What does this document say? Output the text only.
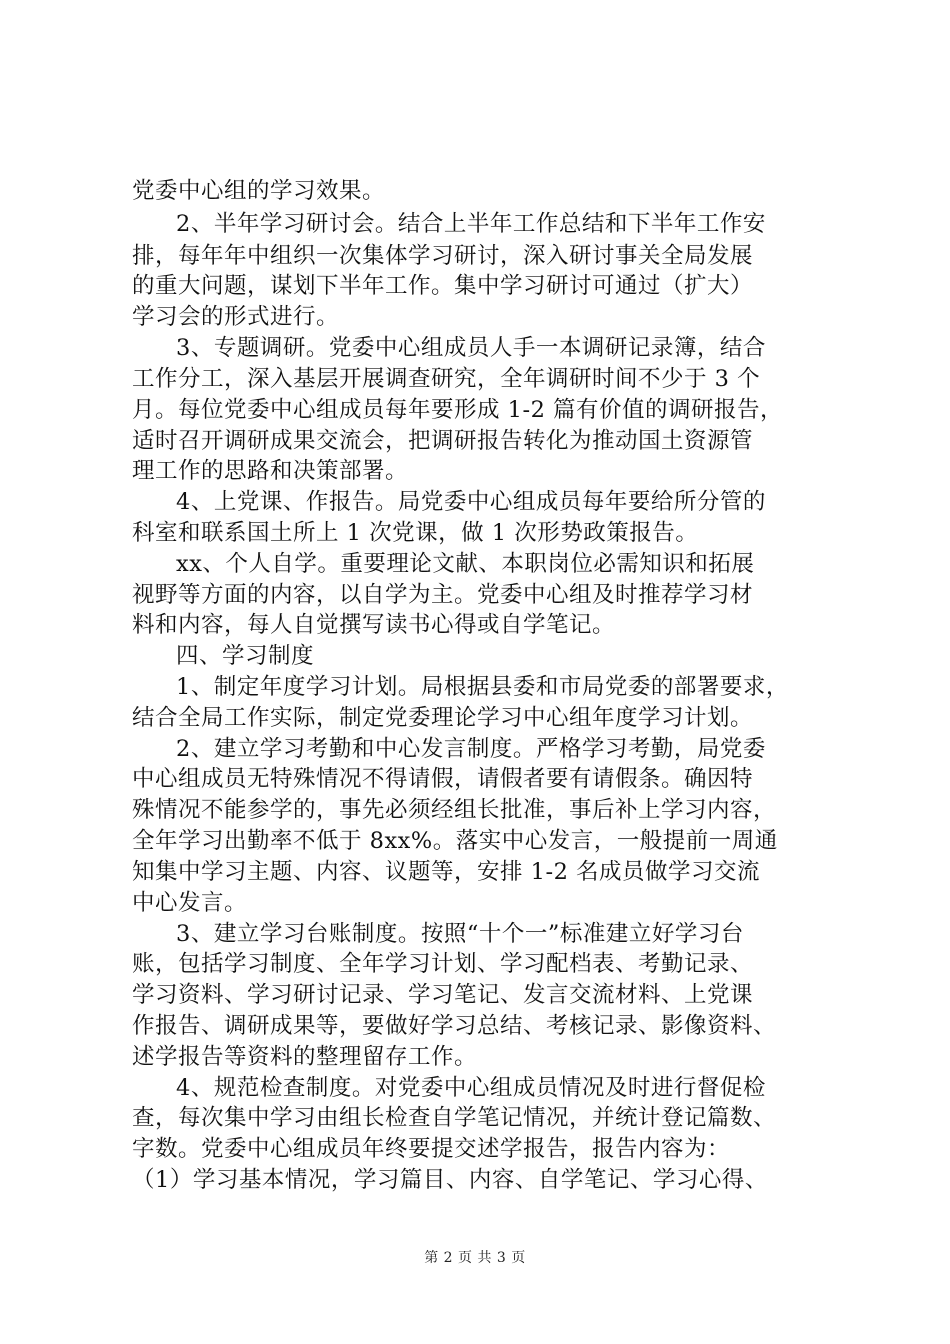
党委中心组的学习效果。
2、半年学习研讨会。结合上半年工作总结和下半年工作安
排，每年年中组织一次集体学习研讨，深入研讨事关全局发展
的重大问题，谋划下半年工作。集中学习研讨可通过（扩大）
学习会的形式进行。
3、专题调研。党委中心组成员人手一本调研记录簿，结合
工作分工，深入基层开展调查研究，全年调研时间不少于 3 个
月。每位党委中心组成员每年要形成 1-2 篇有价值的调研报告，
适时召开调研成果交流会，把调研报告转化为推动国土资源管
理工作的思路和决策部署。
4、上党课、作报告。局党委中心组成员每年要给所分管的
科室和联系国土所上 1 次党课，做 1 次形势政策报告。
xx、个人自学。重要理论文献、本职岗位必需知识和拓展
视野等方面的内容，以自学为主。党委中心组及时推荐学习材
料和内容，每人自觉撰写读书心得或自学笔记。
四、学习制度
1、制定年度学习计划。局根据县委和市局党委的部署要求，
结合全局工作实际，制定党委理论学习中心组年度学习计划。
2、建立学习考勤和中心发言制度。严格学习考勤，局党委
中心组成员无特殊情况不得请假，请假者要有请假条。确因特
殊情况不能参学的，事先必须经组长批准，事后补上学习内容，
全年学习出勤率不低于 8xx%。落实中心发言，一般提前一周通
知集中学习主题、内容、议题等，安排 1-2 名成员做学习交流
中心发言。
3、建立学习台账制度。按照“十个一”标准建立好学习台
账，包括学习制度、全年学习计划、学习配档表、考勤记录、
学习资料、学习研讨记录、学习笔记、发言交流材料、上党课
作报告、调研成果等，要做好学习总结、考核记录、影像资料、
述学报告等资料的整理留存工作。
4、规范检查制度。对党委中心组成员情况及时进行督促检
查，每次集中学习由组长检查自学笔记情况，并统计登记篇数、
字数。党委中心组成员年终要提交述学报告，报告内容为：
（1）学习基本情况，学习篇目、内容、自学笔记、学习心得、
第 2 页 共 3 页
